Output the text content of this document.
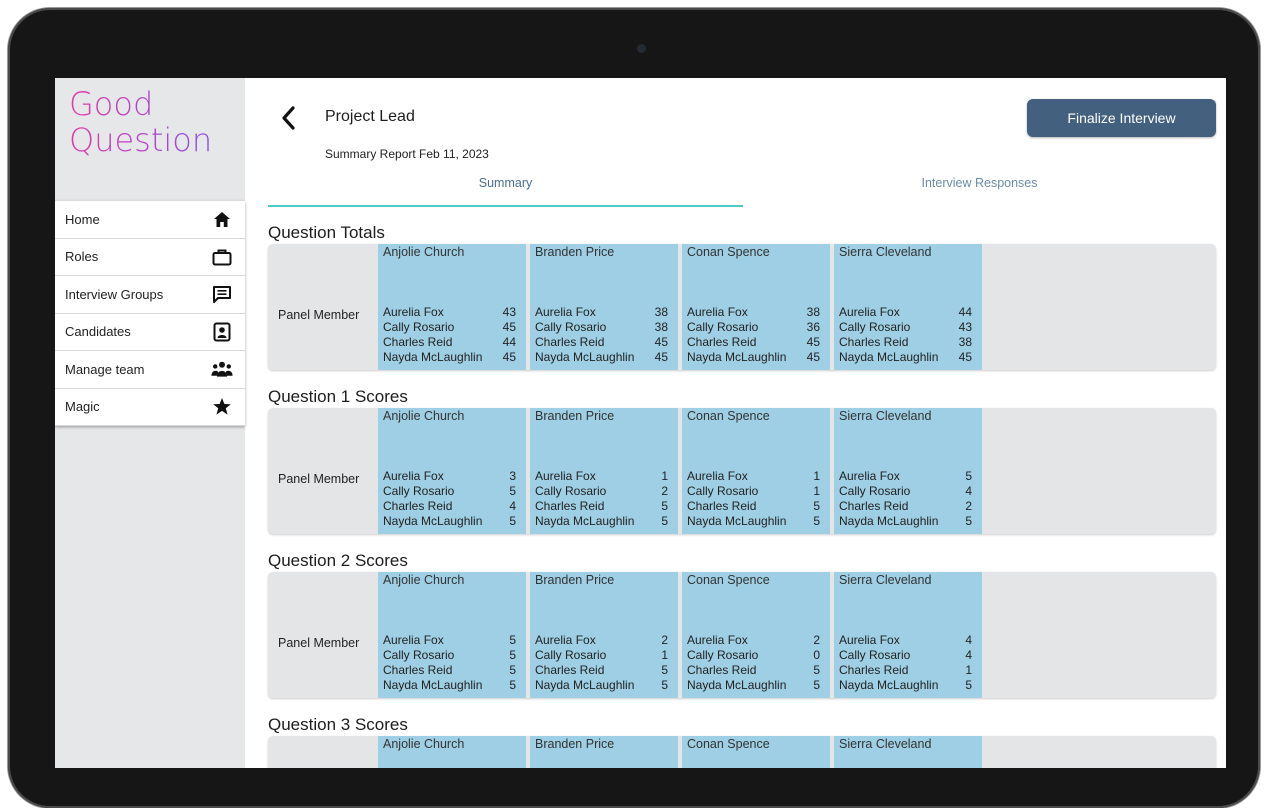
Good
Question
Home
Roles
Interview Groups
Candidates
Manage team
Magic
Project Lead
Summary Report Feb 11, 2023
Finalize Interview
Summary	Interview Responses
Question Totals
Panel Member
Anjolie Church
Aurelia Fox	43
Cally Rosario	45
Charles Reid	44
Nayda McLaughlin 45
Branden Price
Aurelia Fox	38
Cally Rosario	38
Charles Reid	45
Nayda McLaughlin 45
Conan Spence
Aurelia Fox	38
Cally Rosario	36
Charles Reid	45
Nayda McLaughlin 45
Sierra Cleveland
Aurelia Fox	44
Cally Rosario	43
Charles Reid	38
Nayda McLaughlin 45
Question 1 Scores
Panel Member
Anjolie Church
Aurelia Fox	3
Cally Rosario	5
Charles Reid	4
Nayda McLaughlin 5
Branden Price
Aurelia Fox	1
Cally Rosario	2
Charles Reid	5
Nayda McLaughlin 5
Conan Spence
Aurelia Fox	1
Cally Rosario	1
Charles Reid	5
Nayda McLaughlin 5
Sierra Cleveland
Aurelia Fox	5
Cally Rosario	4
Charles Reid	2
Nayda McLaughlin 5
Question 2 Scores
Panel Member
Anjolie Church
Aurelia Fox	5
Cally Rosario	5
Charles Reid	5
Nayda McLaughlin 5
Branden Price
Aurelia Fox	2
Cally Rosario	1
Charles Reid	5
Nayda McLaughlin 5
Conan Spence
Aurelia Fox	2
Cally Rosario	0
Charles Reid	5
Nayda McLaughlin 5
Sierra Cleveland
Aurelia Fox	4
Cally Rosario	4
Charles Reid	1
Nayda McLaughlin 5
Question 3 Scores
Anjolie Church	Branden Price	Conan Spence	Sierra Cleveland
